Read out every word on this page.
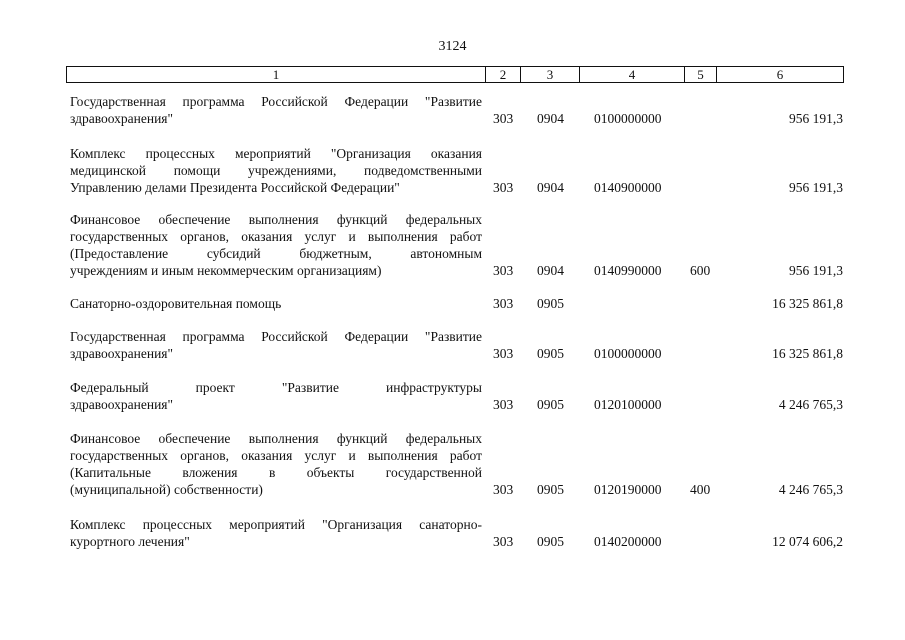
3124
1	2	3	4	5	6
Государственная программа Российской Федерации "Развитие
здравоохранения"	303 0904 0100000000	956 191,3
Комплекс процессных мероприятий "Организация оказания
медицинской помощи учреждениями, подведомственными
Управлению делами Президента Российской Федерации"	303 0904 0140900000	956 191,3
Финансовое обеспечение выполнения функций федеральных
государственных органов, оказания услуг и выполнения работ
(Предоставление субсидий бюджетным, автономным
учреждениям и иным некоммерческим организациям)	303 0904 0140990000 600	956 191,3
Санаторно-оздоровительная помощь	303 0905	16 325 861,8
Государственная программа Российской Федерации "Развитие
здравоохранения"	303 0905 0100000000	16 325 861,8
Федеральный проект "Развитие инфраструктуры
здравоохранения"	303 0905 0120100000	4 246 765,3
Финансовое обеспечение выполнения функций федеральных
государственных органов, оказания услуг и выполнения работ
(Капитальные вложения в объекты государственной
(муниципальной) собственности)	303 0905 0120190000 400	4 246 765,3
Комплекс процессных мероприятий "Организация санаторно-
курортного лечения"	303 0905 0140200000	12 074 606,2
